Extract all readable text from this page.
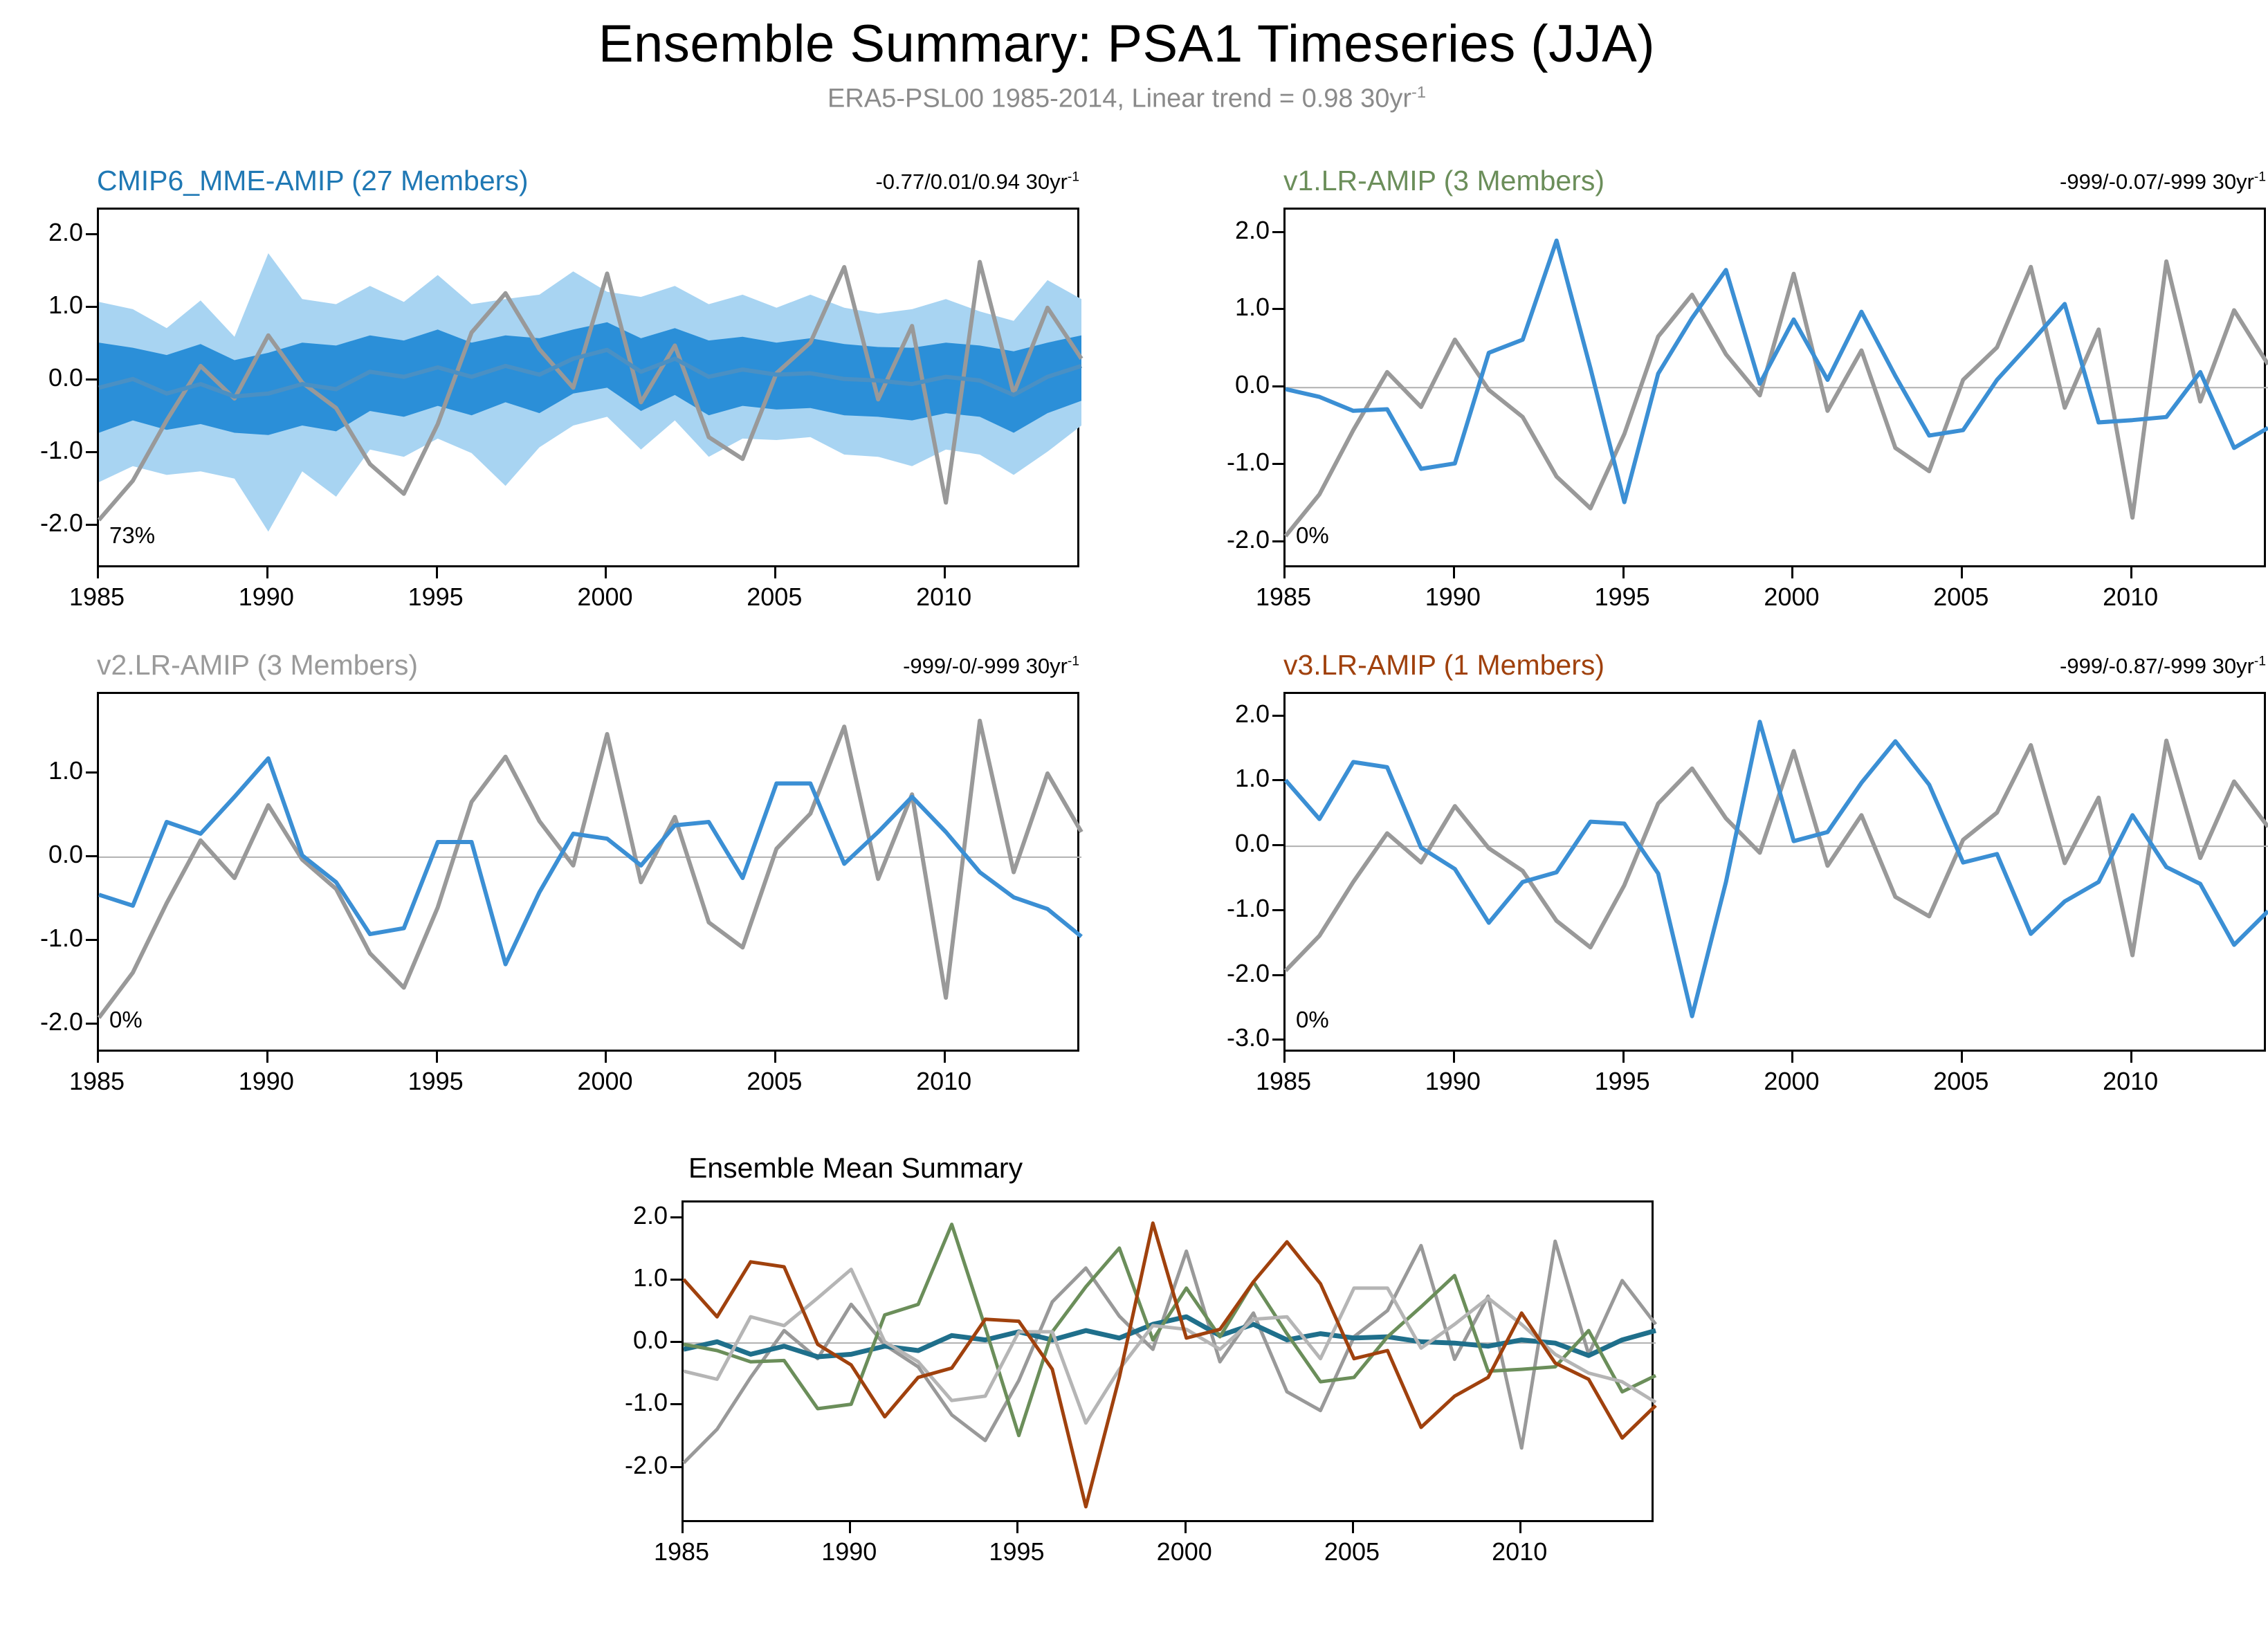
Ensemble Summary: PSA1 Timeseries (JJA)
ERA5-PSL00 1985-2014, Linear trend = 0.98 $30yr^{-1}$
CMIP6_MME-AMIP (27 Members)	-0.77/0.01/0.94 $30yr^{-1}$
73%
2.0
1.0
0.0
-1.0
-2.0
1985	1990	1995	2000	2005	2010
v1.LR-AMIP (3 Members)	-999/-0.07/-999 $30yr^{-1}$
0%
2.0
1.0
0.0
-1.0
-2.0
1985	1990	1995	2000	2005	2010
v2.LR-AMIP (3 Members)	-999/-0/-999 $30yr^{-1}$
0%
1.0
0.0
-1.0
-2.0
1985	1990	1995	2000	2005	2010
v3.LR-AMIP (1 Members)	-999/-0.87/-999 $30yr^{-1}$
0%
2.0
1.0
0.0
-1.0
-2.0
-3.0
1985	1990	1995	2000	2005	2010
Ensemble Mean Summary
2.0
1.0
0.0
-1.0
-2.0
1985	1990	1995	2000	2005	2010
